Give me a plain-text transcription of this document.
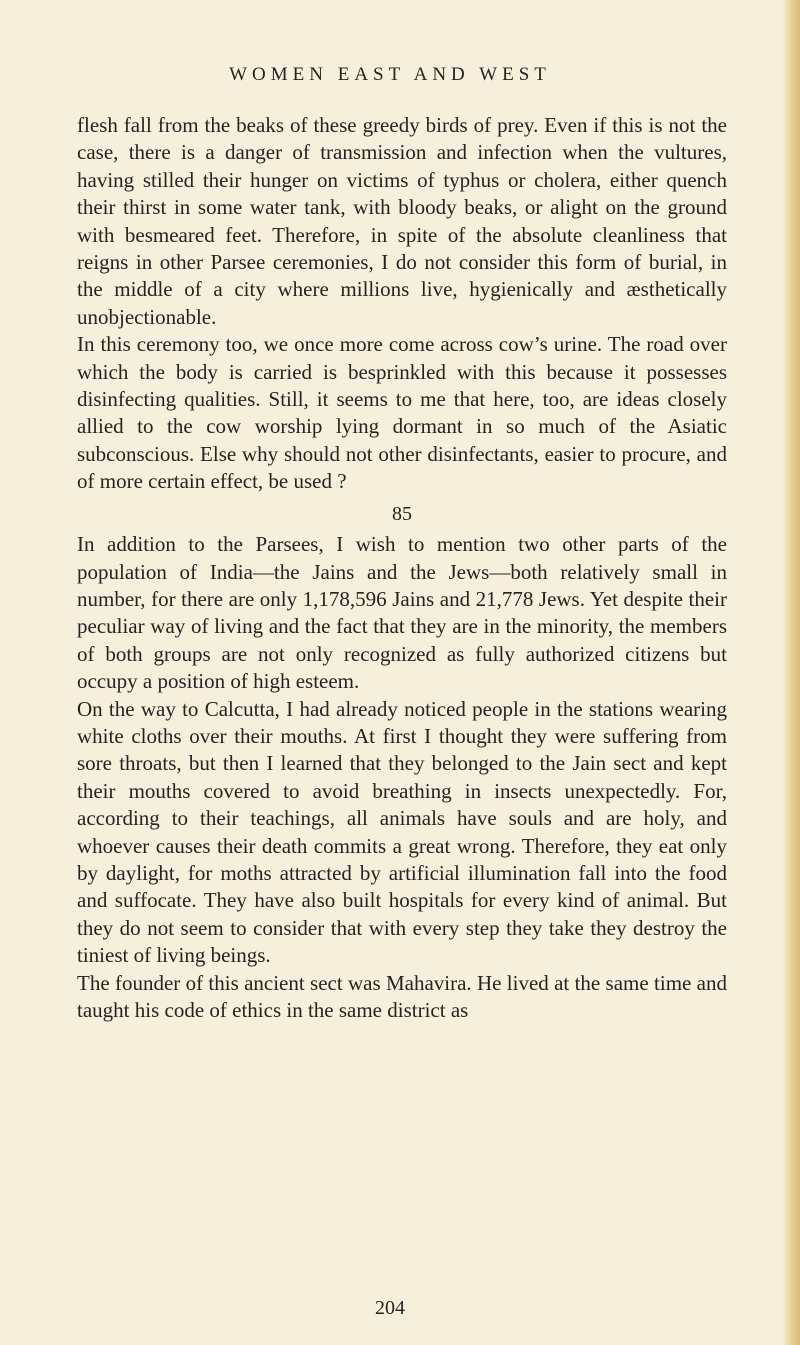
WOMEN EAST AND WEST

flesh fall from the beaks of these greedy birds of prey. Even if this is not the case, there is a danger of transmission and infection when the vultures, having stilled their hunger on victims of typhus or cholera, either quench their thirst in some water tank, with bloody beaks, or alight on the ground with besmeared feet. Therefore, in spite of the absolute cleanliness that reigns in other Parsee ceremonies, I do not consider this form of burial, in the middle of a city where millions live, hygienically and æsthetically unobjectionable.

In this ceremony too, we once more come across cow’s urine. The road over which the body is carried is besprinkled with this because it possesses disinfecting qualities. Still, it seems to me that here, too, are ideas closely allied to the cow worship lying dormant in so much of the Asiatic subconscious. Else why should not other disinfectants, easier to procure, and of more certain effect, be used ?

85

In addition to the Parsees, I wish to mention two other parts of the population of India—the Jains and the Jews—both relatively small in number, for there are only 1,178,596 Jains and 21,778 Jews. Yet despite their peculiar way of living and the fact that they are in the minority, the members of both groups are not only recognized as fully authorized citizens but occupy a position of high esteem.

On the way to Calcutta, I had already noticed people in the stations wearing white cloths over their mouths. At first I thought they were suffering from sore throats, but then I learned that they belonged to the Jain sect and kept their mouths covered to avoid breathing in insects unexpectedly. For, according to their teachings, all animals have souls and are holy, and whoever causes their death commits a great wrong. Therefore, they eat only by daylight, for moths attracted by artificial illumination fall into the food and suffocate. They have also built hospitals for every kind of animal. But they do not seem to consider that with every step they take they destroy the tiniest of living beings.

The founder of this ancient sect was Mahavira. He lived at the same time and taught his code of ethics in the same district as

204
